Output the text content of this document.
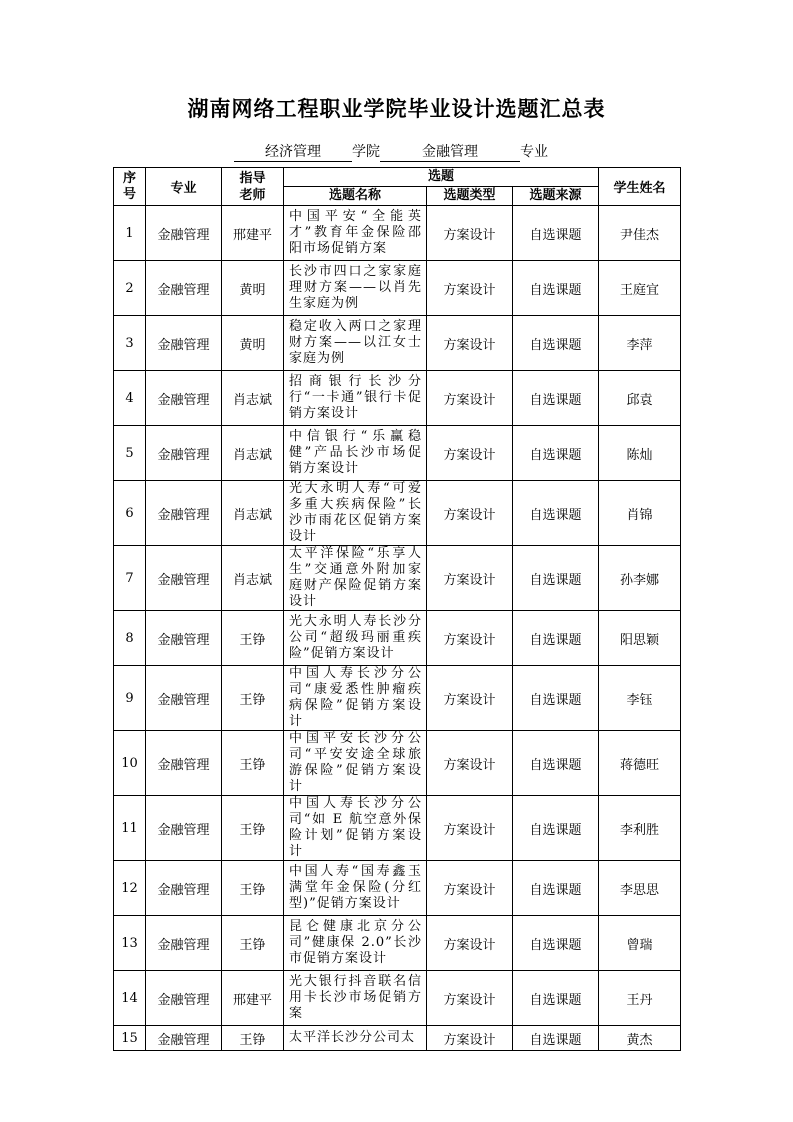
湖南网络工程职业学院毕业设计选题汇总表
经济管理 学院	金融管理	专业
序号	专业	指导老师	选题			学生姓名
			选题名称	选题类型	选题来源	
1	金融管理	邢建平	中国平安“全能英才”教育年金保险邵阳市场促销方案	方案设计	自选课题	尹佳杰
2	金融管理	黄明	长沙市四口之家家庭理财方案——以肖先生家庭为例	方案设计	自选课题	王庭宜
3	金融管理	黄明	稳定收入两口之家理财方案——以江女士家庭为例	方案设计	自选课题	李萍
4	金融管理	肖志斌	招商银行长沙分行“一卡通”银行卡促销方案设计	方案设计	自选课题	邱袁
5	金融管理	肖志斌	中信银行“乐赢稳健”产品长沙市场促销方案设计	方案设计	自选课题	陈灿
6	金融管理	肖志斌	光大永明人寿“可爱多重大疾病保险”长沙市雨花区促销方案设计	方案设计	自选课题	肖锦
7	金融管理	肖志斌	太平洋保险“乐享人生”交通意外附加家庭财产保险促销方案设计	方案设计	自选课题	孙李娜
8	金融管理	王铮	光大永明人寿长沙分公司“超级玛丽重疾险”促销方案设计	方案设计	自选课题	阳思颖
9	金融管理	王铮	中国人寿长沙分公司“康爱悉性肿瘤疾病保险”促销方案设计	方案设计	自选课题	李钰
10	金融管理	王铮	中国平安长沙分公司“平安安途全球旅游保险”促销方案设计	方案设计	自选课题	蒋德旺
11	金融管理	王铮	中国人寿长沙分公司“如 E 航空意外保险计划”促销方案设计	方案设计	自选课题	李利胜
12	金融管理	王铮	中国人寿“国寿鑫玉满堂年金保险(分红型)”促销方案设计	方案设计	自选课题	李思思
13	金融管理	王铮	昆仑健康北京分公司”健康保 2.0”长沙市促销方案设计	方案设计	自选课题	曾瑞
14	金融管理	邢建平	光大银行抖音联名信用卡长沙市场促销方案	方案设计	自选课题	王丹
15	金融管理	王铮	太平洋长沙分公司太	方案设计	自选课题	黄杰
